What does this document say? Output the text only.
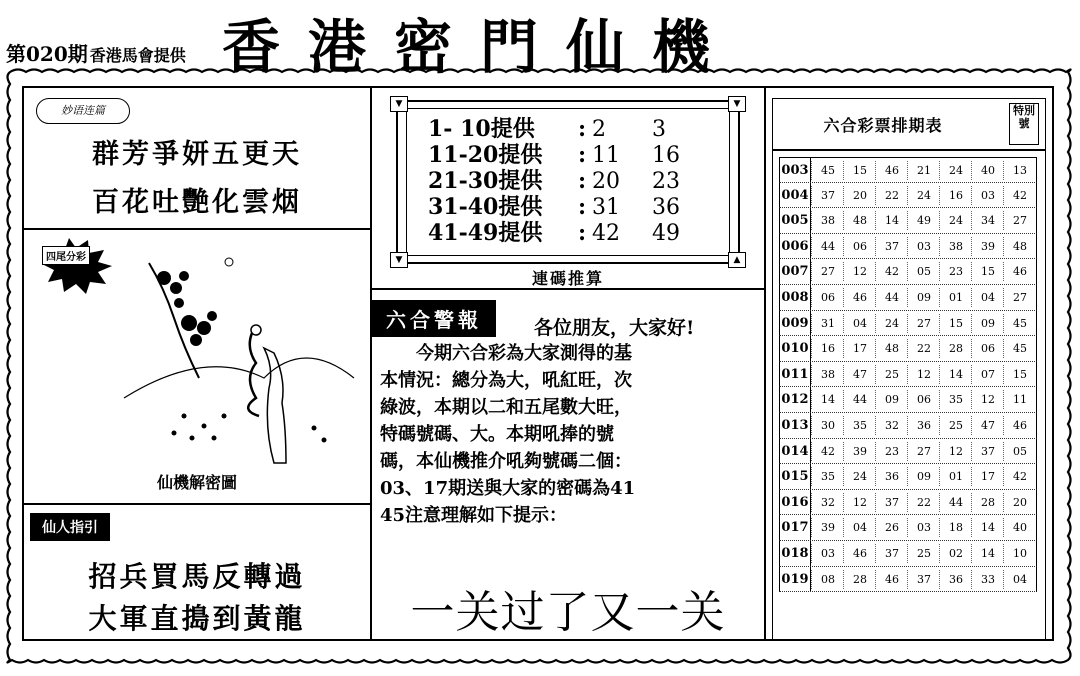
第020期 香港馬會提供 香港密門仙機
妙语连篇
群芳爭妍五更天
百花吐艷化雲烟
四尾分彩
仙機解密圖
仙人指引
招兵買馬反轉過
大軍直搗到黃龍
▼	▼
▼	▲
1- 10提供 : 2 3
11-20提供 : 11 16
21-30提供 : 20 23
31-40提供 : 31 36
41-49提供 : 42 49
連碼推算
六合警報	各位朋友，大家好!
今期六合彩為大家測得的基
本情況：總分為大，吼紅旺，次
綠波，本期以二和五尾數大旺，
特碼號碼、大。本期吼捧的號
碼，本仙機推介吼夠號碼二個：
03、17期送與大家的密碼為41
45注意理解如下提示：
一关过了又一关
六合彩票排期表
特別號
003	45	15	46	21	24	40	13
004	37	20	22	24	16	03	42
005	38	48	14	49	24	34	27
006	44	06	37	03	38	39	48
007	27	12	42	05	23	15	46
008	06	46	44	09	01	04	27
009	31	04	24	27	15	09	45
010	16	17	48	22	28	06	45
011	38	47	25	12	14	07	15
012	14	44	09	06	35	12	11
013	30	35	32	36	25	47	46
014	42	39	23	27	12	37	05
015	35	24	36	09	01	17	42
016	32	12	37	22	44	28	20
017	39	04	26	03	18	14	40
018	03	46	37	25	02	14	10
019	08	28	46	37	36	33	04
